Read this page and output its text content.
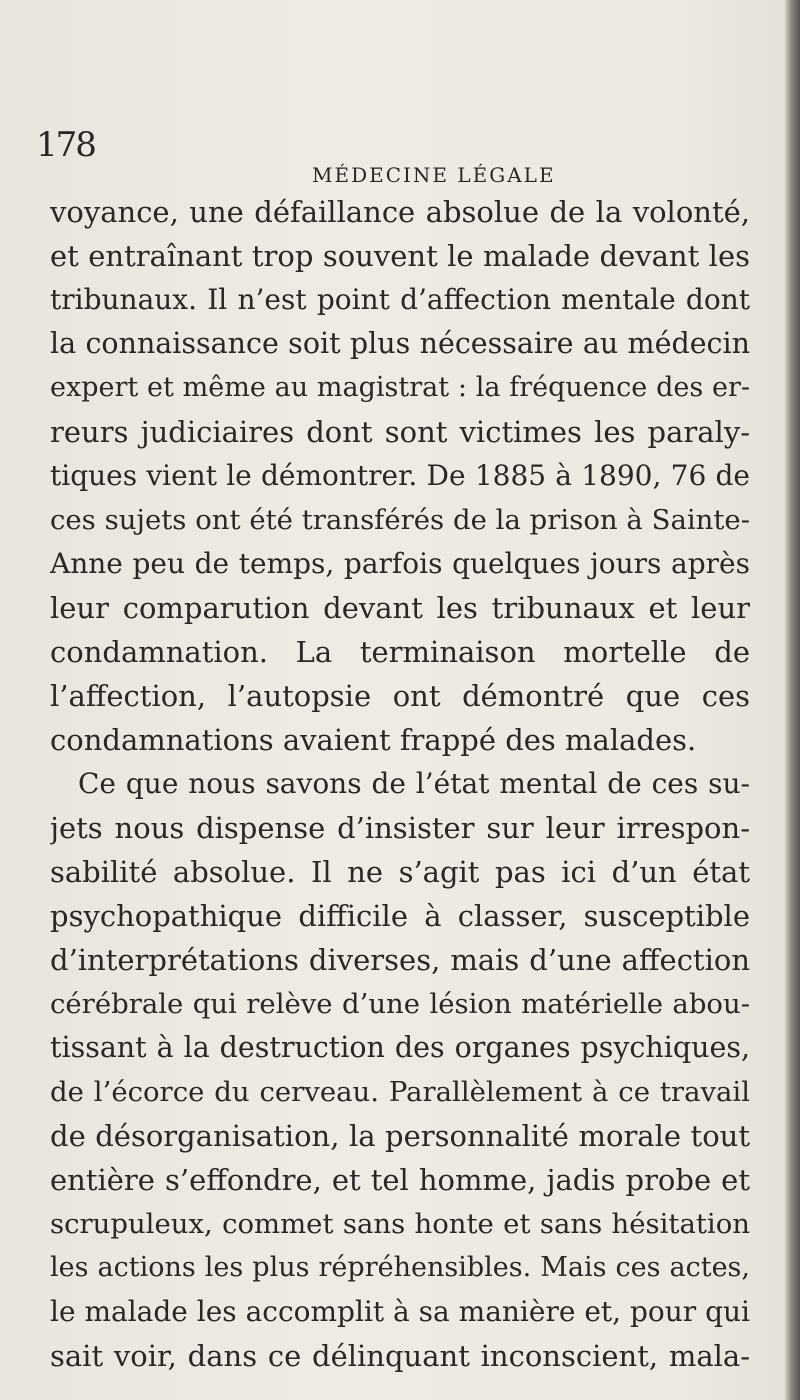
178
MÉDECINE LÉGALE
voyance, une défaillance absolue de la volonté,
et entraînant trop souvent le malade devant les
tribunaux. Il n’est point d’affection mentale dont
la connaissance soit plus nécessaire au médecin
expert et même au magistrat : la fréquence des er-
reurs judiciaires dont sont victimes les paraly-
tiques vient le démontrer. De 1885 à 1890, 76 de
ces sujets ont été transférés de la prison à Sainte-
Anne peu de temps, parfois quelques jours après
leur comparution devant les tribunaux et leur
condamnation. La terminaison mortelle de
l’affection, l’autopsie ont démontré que ces
condamnations avaient frappé des malades.
Ce que nous savons de l’état mental de ces su-
jets nous dispense d’insister sur leur irrespon-
sabilité absolue. Il ne s’agit pas ici d’un état
psychopathique difficile à classer, susceptible
d’interprétations diverses, mais d’une affection
cérébrale qui relève d’une lésion matérielle abou-
tissant à la destruction des organes psychiques,
de l’écorce du cerveau. Parallèlement à ce travail
de désorganisation, la personnalité morale tout
entière s’effondre, et tel homme, jadis probe et
scrupuleux, commet sans honte et sans hésitation
les actions les plus répréhensibles. Mais ces actes,
le malade les accomplit à sa manière et, pour qui
sait voir, dans ce délinquant inconscient, mala-
